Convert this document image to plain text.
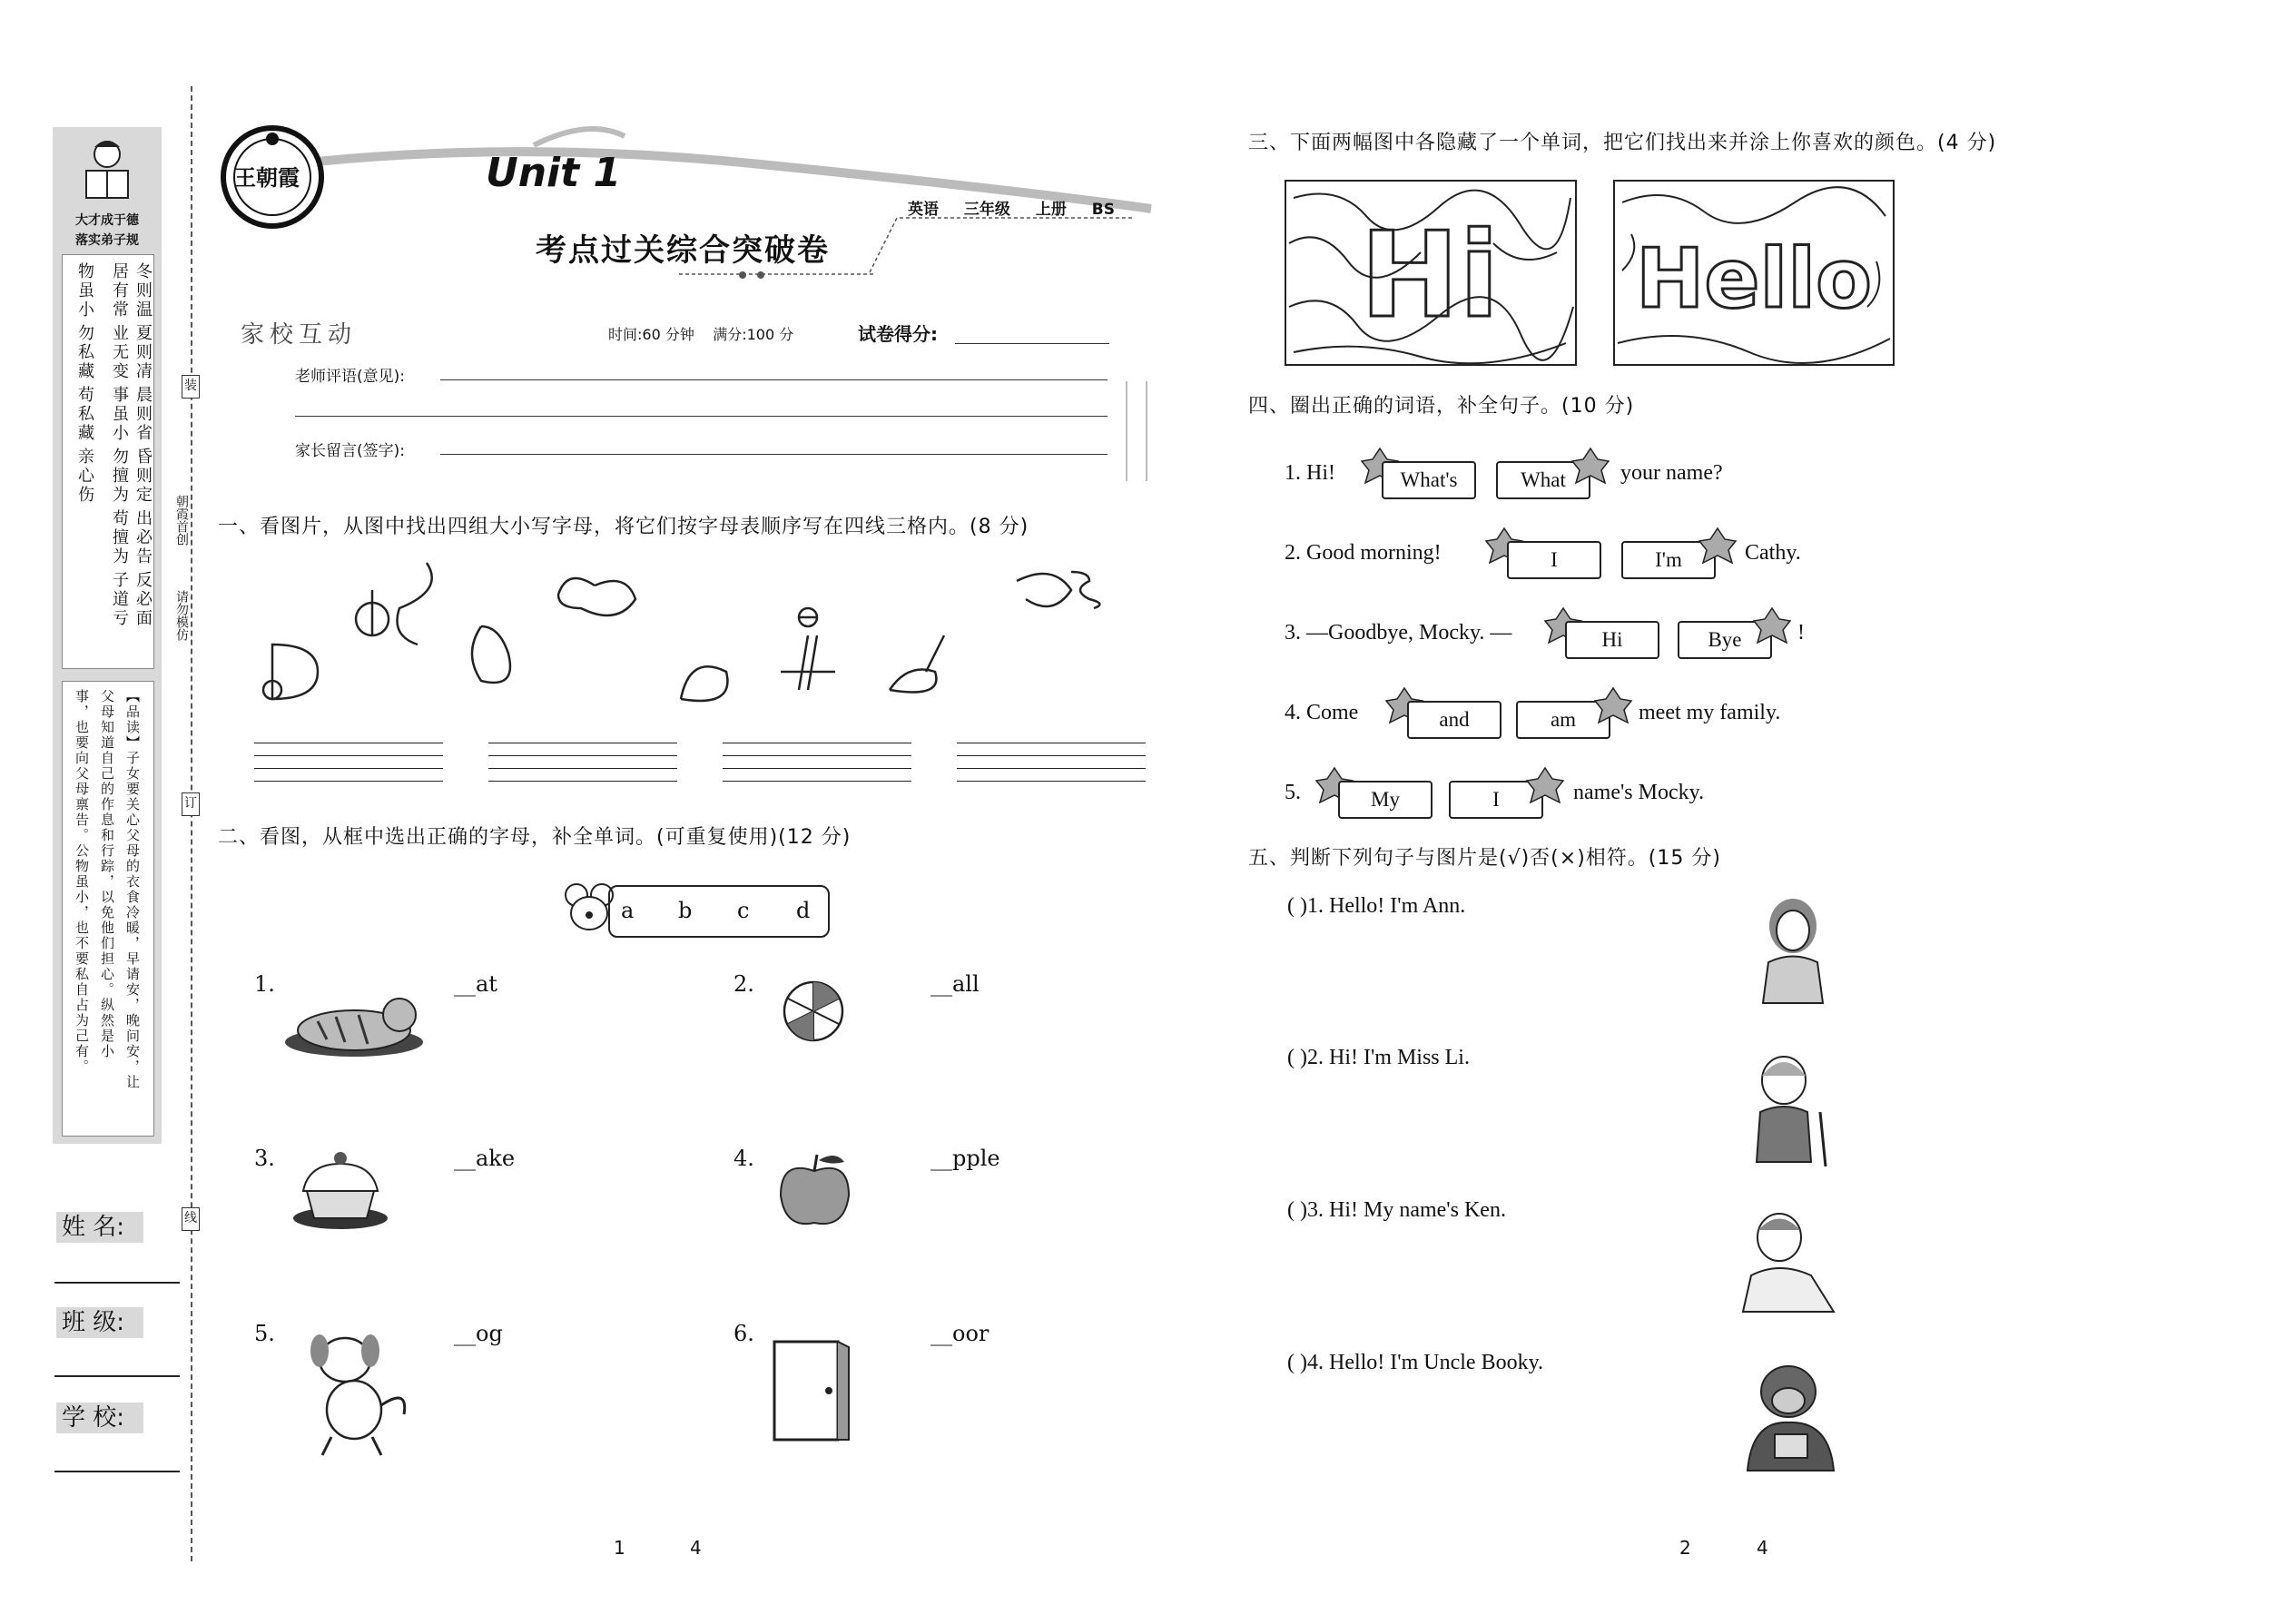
大才成于德
落实弟子规
冬则温
夏则凊
晨则省
昏则定
出必告
反必面
居有常
业无变
事虽小
勿擅为
苟擅为
子道亏
物虽小
勿私藏
苟私藏
亲心伤
【品读】子女要关心父母的衣食冷暖，早请安，晚问安，让
父母知道自己的作息和行踪，以免他们担心。纵然是小
事，也要向父母禀告。公物虽小，也不要私自占为己有。
姓 名:
班 级:
学 校:
装
订
线
朝霞首创
请勿模仿
王朝霞	Unit 1
考点过关综合突破卷
英语 三年级 上册 BS
家校互动	时间:60 分钟 满分:100 分	试卷得分:
老师评语(意见):
家长留言(签字):
一、看图片，从图中找出四组大小写字母，将它们按字母表顺序写在四线三格内。(8 分)
二、看图，从框中选出正确的字母，补全单词。(可重复使用)(12 分)
a b c d
1.	__at	2.	__all
3.	__ake	4.	__pple
5.	__og	6.	__oor
三、下面两幅图中各隐藏了一个单词，把它们找出来并涂上你喜欢的颜色。(4 分)
Hi Hello
四、圈出正确的词语，补全句子。(10 分)
1. Hi!	What's	What	your name?
2. Good morning!	I	I'm	Cathy.
3. —Goodbye, Mocky. —	Hi	Bye	!
4. Come	and	am	meet my family.
5.	My	I	name's Mocky.
五、判断下列句子与图片是(√)否(×)相符。(15 分)
( )1. Hello! I'm Ann.
( )2. Hi! I'm Miss Li.
( )3. Hi! My name's Ken.
( )4. Hello! I'm Uncle Booky.
1	4	2	4
